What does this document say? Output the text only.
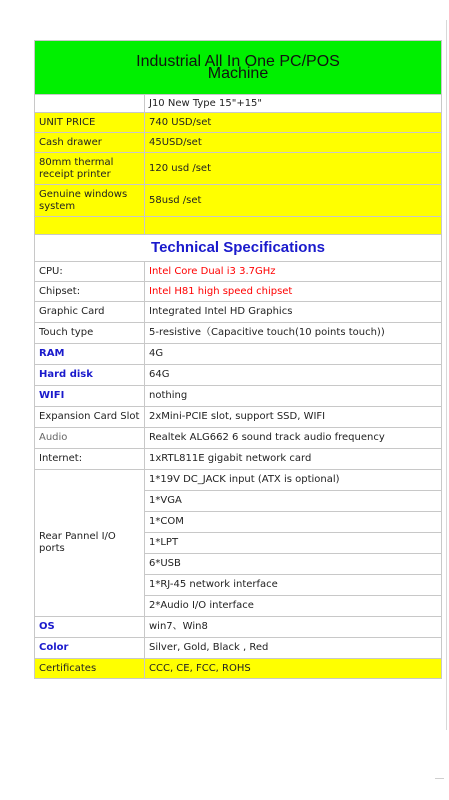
Industrial All In One PC/POS
Machine	

	J10 New Type 15"+15"
UNIT PRICE	740 USD/set
Cash drawer	45USD/set
80mm thermal receipt printer	120 usd /set
Genuine windows system	58usd /set

Technical Specifications	
CPU:	Intel Core Dual i3 3.7GHz
Chipset:	Intel H81 high speed chipset
Graphic Card	Integrated Intel HD Graphics
Touch type	5-resistive（Capacitive touch(10 points touch))
RAM	4G
Hard disk	64G
WIFI	nothing
Expansion Card Slot	2xMini-PCIE slot, support SSD, WIFI
Audio	Realtek ALG662 6 sound track audio frequency
Internet:	1xRTL811E gigabit network card
Rear Pannel I/O ports	1*19V DC_JACK input (ATX is optional)
	1*VGA
	1*COM
	1*LPT
	6*USB
	1*RJ-45 network interface
	2*Audio I/O interface
OS	win7、Win8
Color	Silver, Gold, Black , Red
Certificates	CCC, CE, FCC, ROHS
